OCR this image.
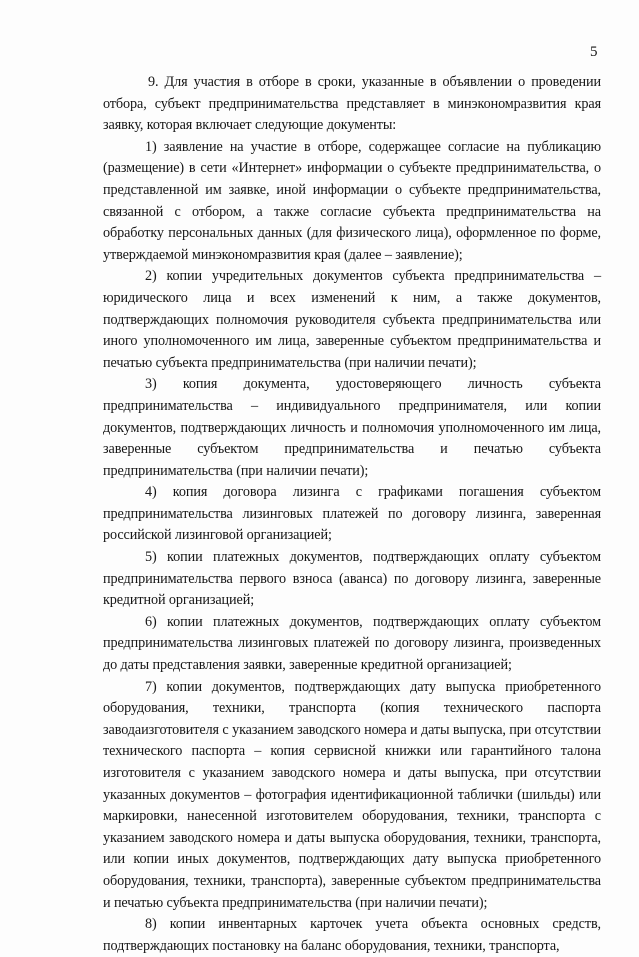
5

9. Для участия в отборе в сроки, указанные в объявлении о проведении отбора, субъект предпринимательства представляет в минэкономразвития края заявку, которая включает следующие документы:

1) заявление на участие в отборе, содержащее согласие на публикацию (размещение) в сети «Интернет» информации о субъекте предпринимательства, о представленной им заявке, иной информации о субъекте предпринимательства, связанной с отбором, а также согласие субъекта предпринимательства на обработку персональных данных (для физического лица), оформленное по форме, утверждаемой минэкономразвития края (далее – заявление);

2) копии учредительных документов субъекта предпринимательства – юридического лица и всех изменений к ним, а также документов, подтверждающих полномочия руководителя субъекта предпринимательства или иного уполномоченного им лица, заверенные субъектом предпринимательства и печатью субъекта предпринимательства (при наличии печати);

3) копия документа, удостоверяющего личность субъекта предпринимательства – индивидуального предпринимателя, или копии документов, подтверждающих личность и полномочия уполномоченного им лица, заверенные субъектом предпринимательства и печатью субъекта предпринимательства (при наличии печати);

4) копия договора лизинга с графиками погашения субъектом предпринимательства лизинговых платежей по договору лизинга, заверенная российской лизинговой организацией;

5) копии платежных документов, подтверждающих оплату субъектом предпринимательства первого взноса (аванса) по договору лизинга, заверенные кредитной организацией;

6) копии платежных документов, подтверждающих оплату субъектом предпринимательства лизинговых платежей по договору лизинга, произведенных до даты представления заявки, заверенные кредитной организацией;

7) копии документов, подтверждающих дату выпуска приобретенного оборудования, техники, транспорта (копия технического паспорта заводаизготовителя с указанием заводского номера и даты выпуска, при отсутствии технического паспорта – копия сервисной книжки или гарантийного талона изготовителя с указанием заводского номера и даты выпуска, при отсутствии указанных документов – фотография идентификационной таблички (шильды) или маркировки, нанесенной изготовителем оборудования, техники, транспорта с указанием заводского номера и даты выпуска оборудования, техники, транспорта, или копии иных документов, подтверждающих дату выпуска приобретенного оборудования, техники, транспорта), заверенные субъектом предпринимательства и печатью субъекта предпринимательства (при наличии печати);

8) копии инвентарных карточек учета объекта основных средств, подтверждающих постановку на баланс оборудования, техники, транспорта,
